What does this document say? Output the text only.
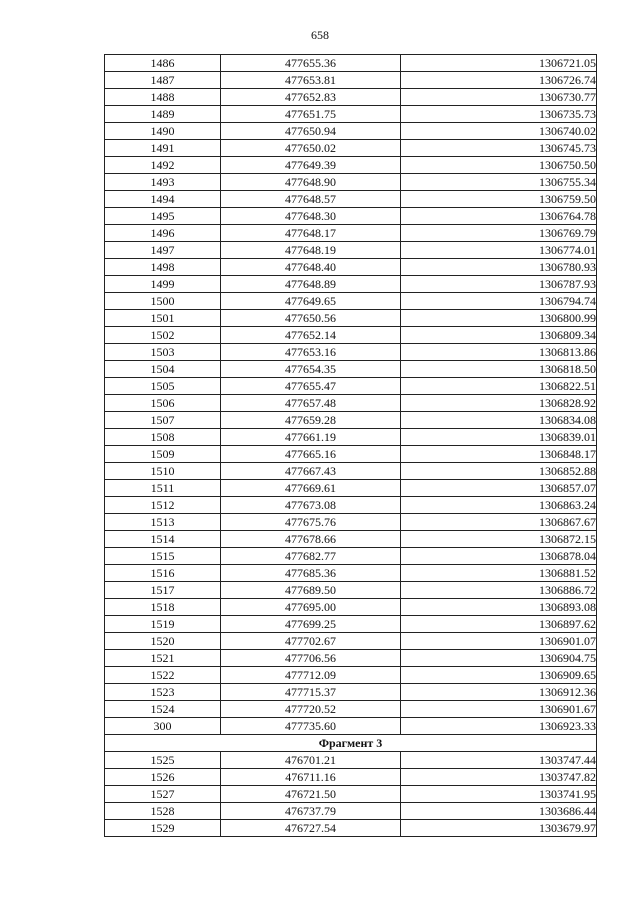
658
1486	477655.36	1306721.05
1487	477653.81	1306726.74
1488	477652.83	1306730.77
1489	477651.75	1306735.73
1490	477650.94	1306740.02
1491	477650.02	1306745.73
1492	477649.39	1306750.50
1493	477648.90	1306755.34
1494	477648.57	1306759.50
1495	477648.30	1306764.78
1496	477648.17	1306769.79
1497	477648.19	1306774.01
1498	477648.40	1306780.93
1499	477648.89	1306787.93
1500	477649.65	1306794.74
1501	477650.56	1306800.99
1502	477652.14	1306809.34
1503	477653.16	1306813.86
1504	477654.35	1306818.50
1505	477655.47	1306822.51
1506	477657.48	1306828.92
1507	477659.28	1306834.08
1508	477661.19	1306839.01
1509	477665.16	1306848.17
1510	477667.43	1306852.88
1511	477669.61	1306857.07
1512	477673.08	1306863.24
1513	477675.76	1306867.67
1514	477678.66	1306872.15
1515	477682.77	1306878.04
1516	477685.36	1306881.52
1517	477689.50	1306886.72
1518	477695.00	1306893.08
1519	477699.25	1306897.62
1520	477702.67	1306901.07
1521	477706.56	1306904.75
1522	477712.09	1306909.65
1523	477715.37	1306912.36
1524	477720.52	1306901.67
300	477735.60	1306923.33
Фрагмент 3		
1525	476701.21	1303747.44
1526	476711.16	1303747.82
1527	476721.50	1303741.95
1528	476737.79	1303686.44
1529	476727.54	1303679.97
